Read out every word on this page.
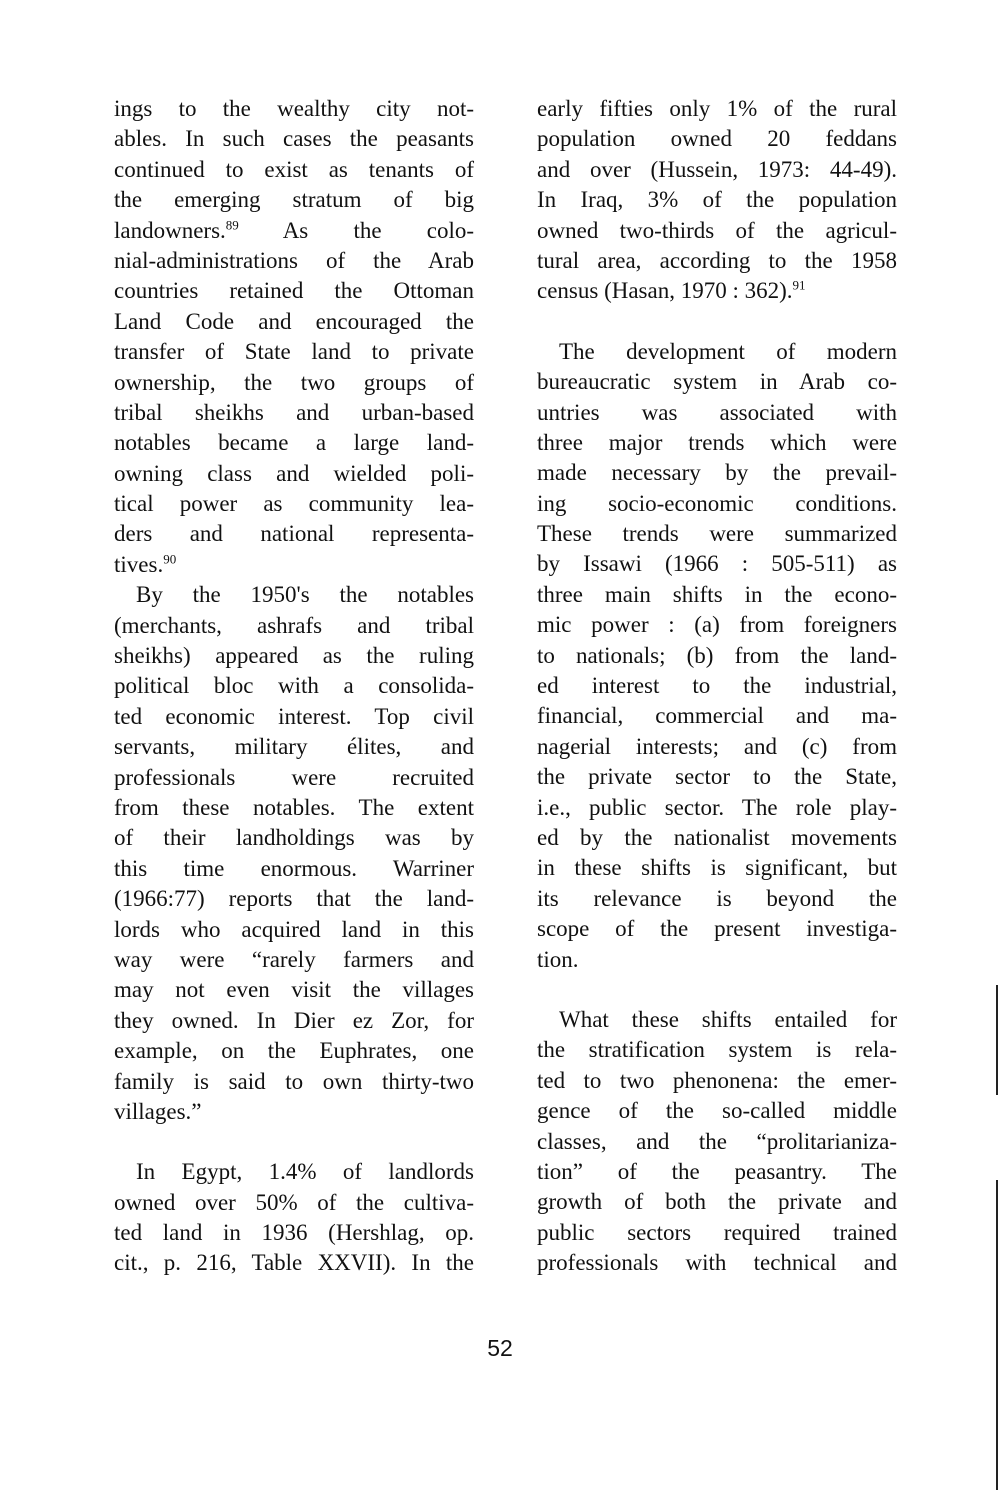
ings to the wealthy city not-
ables. In such cases the peasants
continued to exist as tenants of
the emerging stratum of big
landowners.$^{89}$ As the colo-
nial-administrations of the Arab
countries retained the Ottoman
Land Code and encouraged the
transfer of State land to private
ownership, the two groups of
tribal sheikhs and urban-based
notables became a large land-
owning class and wielded poli-
tical power as community lea-
ders and national representa-
tives.$^{90}$
By the 1950's the notables
(merchants, ashrafs and tribal
sheikhs) appeared as the ruling
political bloc with a consolida-
ted economic interest. Top civil
servants, military élites, and
professionals were recruited
from these notables. The extent
of their landholdings was by
this time enormous. Warriner
(1966:77) reports that the land-
lords who acquired land in this
way were “rarely farmers and
may not even visit the villages
they owned. In Dier ez Zor, for
example, on the Euphrates, one
family is said to own thirty-two
villages.”
In Egypt, 1.4% of landlords
owned over 50% of the cultiva-
ted land in 1936 (Hershlag, op.
cit., p. 216, Table XXVII). In the
early fifties only 1% of the rural
population owned 20 feddans
and over (Hussein, 1973: 44-49).
In Iraq, 3% of the population
owned two-thirds of the agricul-
tural area, according to the 1958
census (Hasan, 1970 : 362).$^{91}$
The development of modern
bureaucratic system in Arab co-
untries was associated with
three major trends which were
made necessary by the prevail-
ing socio-economic conditions.
These trends were summarized
by Issawi (1966 : 505-511) as
three main shifts in the econo-
mic power : (a) from foreigners
to nationals; (b) from the land-
ed interest to the industrial,
financial, commercial and ma-
nagerial interests; and (c) from
the private sector to the State,
i.e., public sector. The role play-
ed by the nationalist movements
in these shifts is significant, but
its relevance is beyond the
scope of the present investiga-
tion.
What these shifts entailed for
the stratification system is rela-
ted to two phenonena: the emer-
gence of the so-called middle
classes, and the “prolitarianiza-
tion” of the peasantry. The
growth of both the private and
public sectors required trained
professionals with technical and
52
